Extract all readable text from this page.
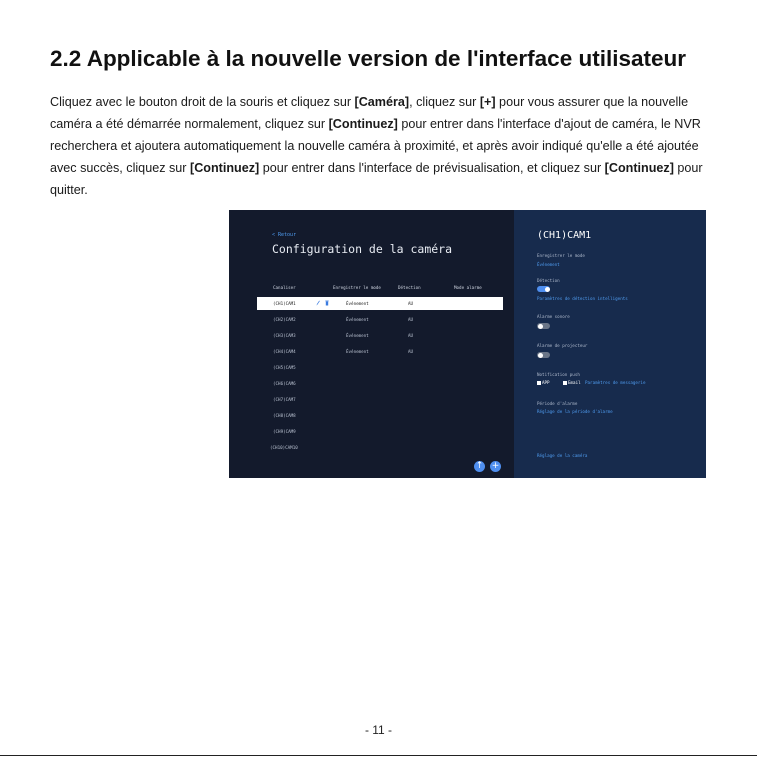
2.2 Applicable à la nouvelle version de l'interface utilisateur

Cliquez avec le bouton droit de la souris et cliquez sur [Caméra], cliquez sur [+] pour vous assurer que la nouvelle caméra a été démarrée normalement, cliquez sur [Continuez] pour entrer dans l'interface d'ajout de caméra, le NVR recherchera et ajoutera automatiquement la nouvelle caméra à proximité, et après avoir indiqué qu'elle a été ajoutée avec succès, cliquez sur [Continuez] pour entrer dans l'interface de prévisualisation, et cliquez sur [Continuez] pour quitter.

< Retour
Configuration de la caméra
Canaliser	Enregistrer le mode	Détection	Mode alarme
(CH1)CAM1	Événement	AU
(CH2)CAM2	Événement	AU
(CH3)CAM3	Événement	AU
(CH4)CAM4	Événement	AU
(CH5)CAM5
(CH6)CAM6
(CH7)CAM7
(CH8)CAM8
(CH9)CAM9
(CH10)CAM10
↑ +
(CH1)CAM1
Enregistrer le mode
Événement
Détection
Paramètres de détection intelligents
Alarme sonore
Alarme de projecteur
Notification push
APP	Email Paramètres de messagerie
Période d'alarme
Réglage de la période d'alarme
Réglage de la caméra
- 11 -
